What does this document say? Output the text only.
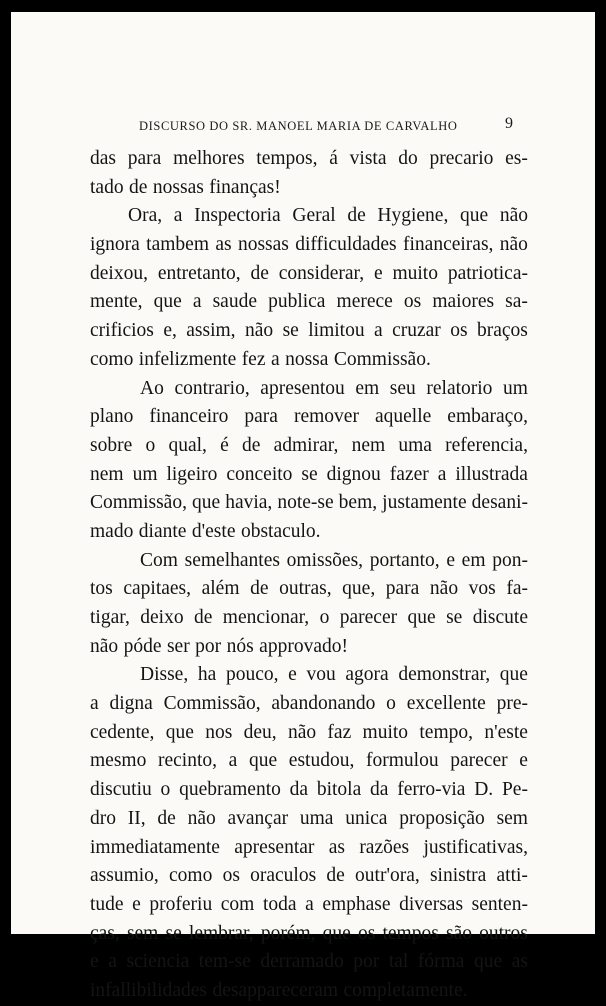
DISCURSO DO SR. MANOEL MARIA DE CARVALHO	9
das para melhores tempos, á vista do precario es-
tado de nossas finanças!
Ora, a Inspectoria Geral de Hygiene, que não
ignora tambem as nossas difficuldades financeiras, não
deixou, entretanto, de considerar, e muito patriotica-
mente, que a saude publica merece os maiores sa-
crificios e, assim, não se limitou a cruzar os braços
como infelizmente fez a nossa Commissão.
Ao contrario, apresentou em seu relatorio um
plano financeiro para remover aquelle embaraço,
sobre o qual, é de admirar, nem uma referencia,
nem um ligeiro conceito se dignou fazer a illustrada
Commissão, que havia, note-se bem, justamente desani-
mado diante d'este obstaculo.
Com semelhantes omissões, portanto, e em pon-
tos capitaes, além de outras, que, para não vos fa-
tigar, deixo de mencionar, o parecer que se discute
não póde ser por nós approvado!
Disse, ha pouco, e vou agora demonstrar, que
a digna Commissão, abandonando o excellente pre-
cedente, que nos deu, não faz muito tempo, n'este
mesmo recinto, a que estudou, formulou parecer e
discutiu o quebramento da bitola da ferro-via D. Pe-
dro II, de não avançar uma unica proposição sem
immediatamente apresentar as razões justificativas,
assumio, como os oraculos de outr'ora, sinistra atti-
tude e proferiu com toda a emphase diversas senten-
ças, sem se lembrar, porém, que os tempos são outros
e a sciencia tem-se derramado por tal fórma que as
infallibilidades desappareceram completamente.
